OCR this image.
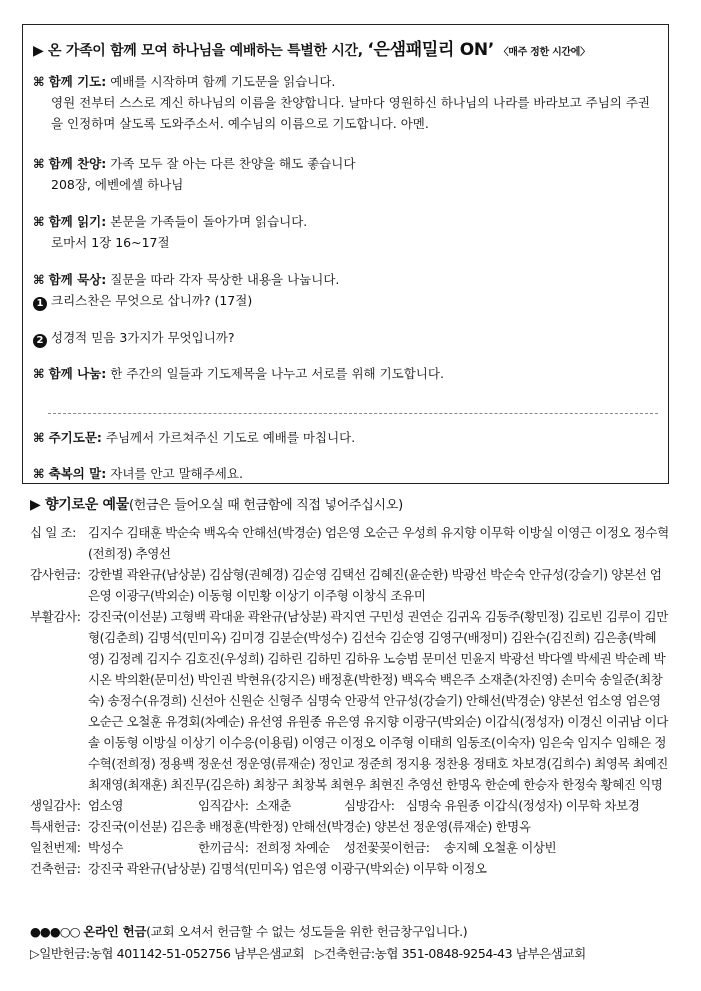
▶ 온 가족이 함께 모여 하나님을 예배하는 특별한 시간, ‘은샘패밀리 ON’ 〈매주 정한 시간에〉
⌘ 함께 기도: 예배를 시작하며 함께 기도문을 읽습니다.
영원 전부터 스스로 계신 하나님의 이름을 찬양합니다. 날마다 영원하신 하나님의 나라를 바라보고 주님의 주권을 인정하며 살도록 도와주소서. 예수님의 이름으로 기도합니다. 아멘.
⌘ 함께 찬양: 가족 모두 잘 아는 다른 찬양을 해도 좋습니다
208장, 에벤에셀 하나님
⌘ 함께 읽기: 본문을 가족들이 돌아가며 읽습니다.
로마서 1장 16~17절
⌘ 함께 묵상: 질문을 따라 각자 묵상한 내용을 나눕니다.
1 크리스찬은 무엇으로 삽니까? (17절)
2 성경적 믿음 3가지가 무엇입니까?
⌘ 함께 나눔: 한 주간의 일들과 기도제목을 나누고 서로를 위해 기도합니다.
⌘ 주기도문: 주님께서 가르쳐주신 기도로 예배를 마칩니다.
⌘ 축복의 말: 자녀를 안고 말해주세요.
▶ 향기로운 예물(헌금은 들어오실 때 헌금함에 직접 넣어주십시오)
십 일 조: 김지수 김태훈 박순숙 백옥숙 안해선(박경순) 엄은영 오순근 우성희 유지향 이무학 이방실 이영근 이정오 정수혁(전희정) 추영선
감사헌금: 강한별 곽완규(남상분) 김삼형(권혜경) 김순영 김택선 김혜진(윤순한) 박광선 박순숙 안규성(강슬기) 양본선 엄은영 이광구(박외순) 이동형 이민황 이상기 이주형 이창식 조유미
부활감사: 강진국(이선분) 고형백 곽대윤 곽완규(남상분) 곽지연 구민성 권연순 김귀옥 김동주(황민정) 김로빈 김루이 김만형(김춘희) 김명석(민미옥) 김미경 김분순(박성수) 김선숙 김순영 김영구(배정미) 김완수(김진희) 김은총(박혜영) 김정례 김지수 김호진(우성희) 김하린 김하민 김하유 노승범 문미선 민윤지 박광선 박다엘 박세권 박순례 박시온 박의환(문미선) 박인권 박현유(강지은) 배정훈(박한정) 백옥숙 백은주 소재춘(차진영) 손미숙 송일준(최창숙) 송정수(유경희) 신선아 신원순 신형주 심명숙 안광석 안규성(강슬기) 안해선(박경순) 양본선 엄소영 엄은영 오순근 오철훈 유경회(차예순) 유선영 유원종 유은영 유지향 이광구(박외순) 이갑식(정성자) 이경신 이귀남 이다솔 이동형 이방실 이상기 이수응(이용림) 이영근 이정오 이주형 이태희 임동조(이숙자) 임은숙 임지수 임해은 정수혁(전희정) 정용백 정운선 정운영(류재순) 정인교 정준희 정지용 정찬용 정태호 차보경(김희수) 최영목 최예진 최재영(최재훈) 최진무(김은하) 최창구 최창복 최현우 최현진 추영선 한명옥 한순예 한승자 한정숙 황혜진 익명
생일감사: 엄소영	임직감사: 소재춘	심방감사: 심명숙 유원종 이갑식(정성자) 이무학 차보경
특새헌금: 강진국(이선분) 김은총 배정훈(박한정) 안해선(박경순) 양본선 정운영(류재순) 한명옥
일천번제: 박성수	한끼금식: 전희정 차예순	성전꽃꽂이헌금:	송지혜 오철훈 이상빈
건축헌금: 강진국 곽완규(남상분) 김명석(민미옥) 엄은영 이광구(박외순) 이무학 이정오
●●●○○ 온라인 헌금(교회 오셔서 헌금할 수 없는 성도들을 위한 헌금창구입니다.)
▷일반헌금:농협 401142-51-052756 남부은샘교회 ▷건축헌금:농협 351-0848-9254-43 남부은샘교회
